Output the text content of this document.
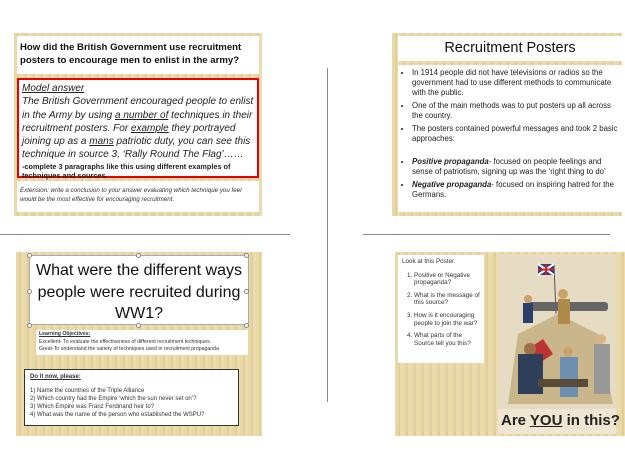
How did the British Government use recruitment posters to encourage men to enlist in the army?
Model answer
The British Government encouraged people to enlist in the Army by using a number of techniques in their recruitment posters. For example they portrayed joining up as a mans patriotic duty, you can see this technique in source 3, ‘Rally Round The Flag’……
-complete 3 paragraphs like this using different examples of techniques and sources.
Extension: write a conclusion to your answer evaluating which technique you feel would be the most effective for encouraging recruitment.
Recruitment Posters
• In 1914 people did not have televisions or radios so the government had to use different methods to communicate with the public.
• One of the main methods was to put posters up all across the country.
• The posters contained powerful messages and took 2 basic approaches:
• Positive propaganda- focused on people feelings and sense of patriotism, signing up was the ‘right thing to do’
• Negative propaganda- focused on inspiring hatred for the Germans.
What were the different ways people were recruited during WW1?
Learning Objectives:
Excellent- To evaluate the effectiveness of different recruitment techniques.
Great-To understand the variety of techniques used in recruitment propaganda
Do it now, please:
1) Name the countries of the Triple Alliance
2) Which country had the Empire ‘which the sun never set on’?
3) Which Empire was Franz Ferdinand heir to?
4) What was the name of the person who established the WSPU?
Look at this Poster.
1. Positive or Negative propaganda?
2. What is the message of this source?
3. How is it encouraging people to join the war?
4. What parts of the Source tell you this?
Are YOU in this?
